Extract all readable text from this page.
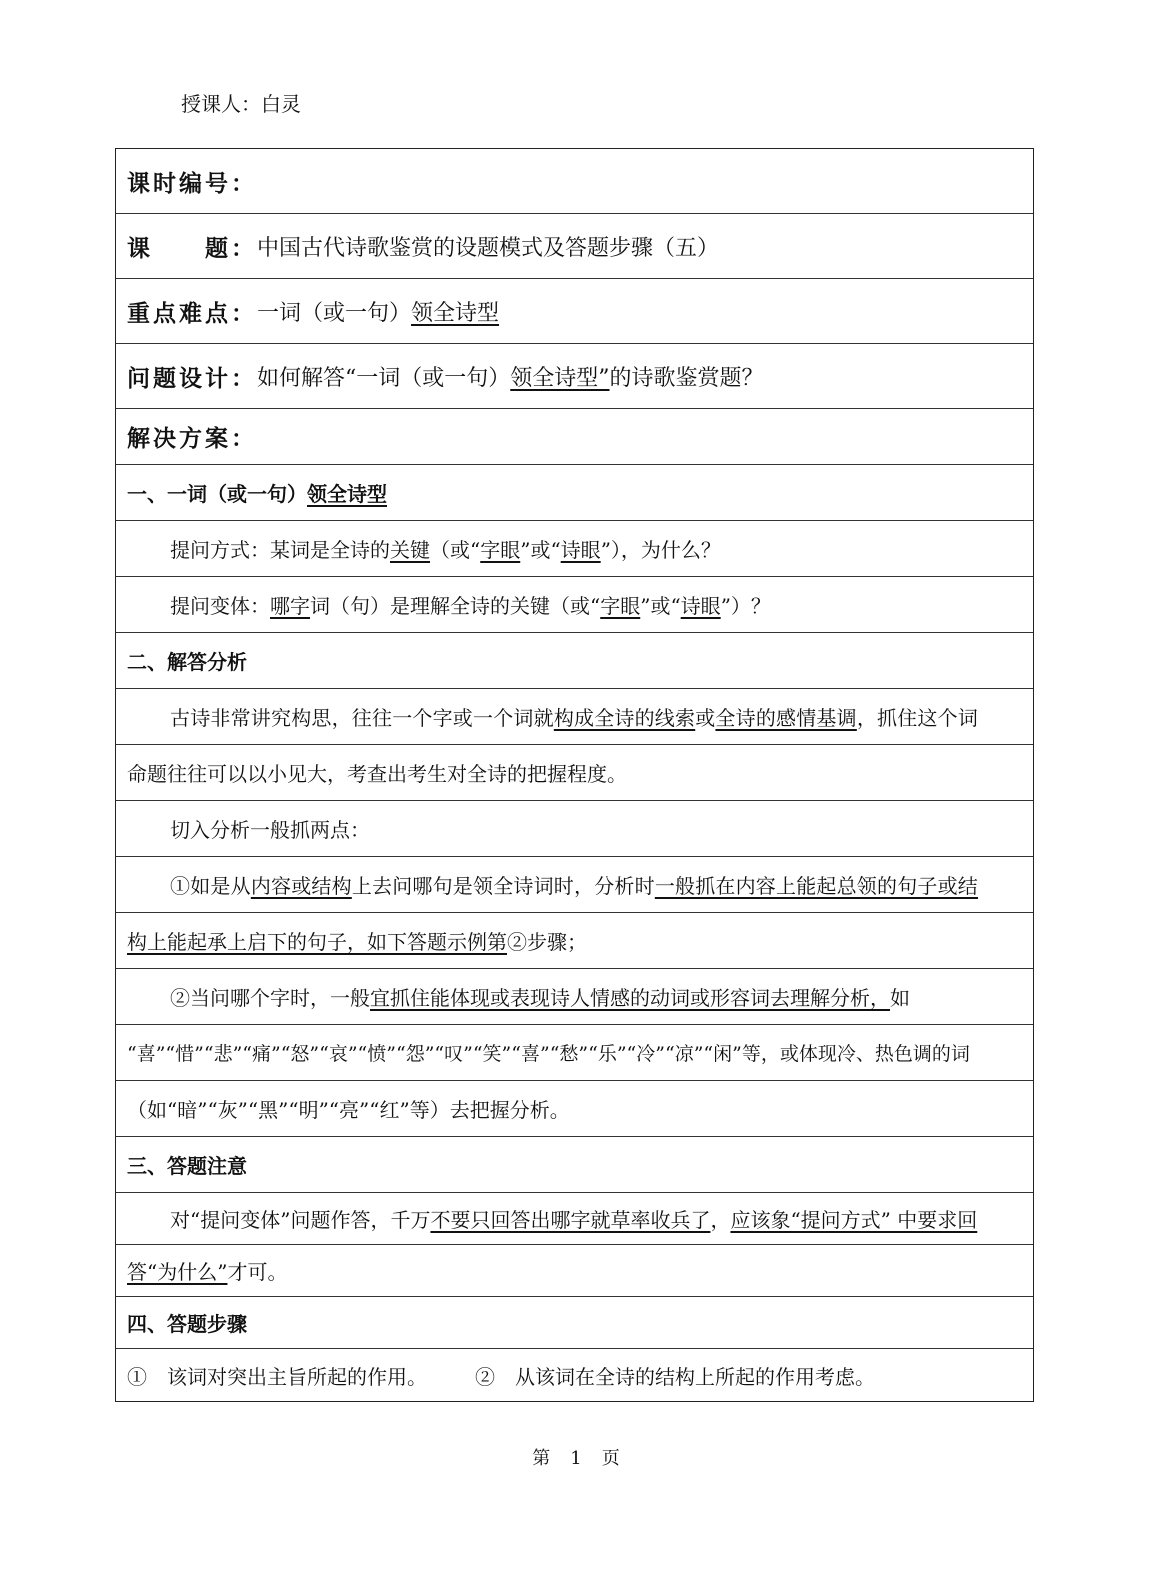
授课人：白灵
课时编号：
课 题： 中国古代诗歌鉴赏的设题模式及答题步骤（五）
重点难点： 一词（或一句） 领全诗型
问题设计： 如何解答“一词（或一句） 领全诗型” 的诗歌鉴赏题？
解决方案：
一、一词（或一句） 领全诗型
提问方式：某词是全诗的 关键 （或“ 字眼 ”或“ 诗眼 ”），为什么？
提问变体： 哪字 词（句）是理解全诗的关键（或“ 字眼 ”或“ 诗眼 ”）？
二、解答分析
古诗非常讲究构思，往往一个字或一个词就 构成全诗的线索 或 全诗的感情基调 ，抓住这个词
命题往往可以以小见大，考查出考生对全诗的把握程度。
切入分析一般抓两点：
①如是从 内容或结构 上去问哪句是领全诗词时，分析时 一般抓在内容上能起总领的句子或结
构上能起承上启下的句子，如下答题示例第 ②步骤；
②当问哪个字时，一般 宜抓住能体现或表现诗人情感的动词或形容词去理解分析， 如
“喜”“惜”“悲”“痛”“怒”“哀”“愤”“怨”“叹”“笑”“喜”“愁”“乐”“冷”“凉”“闲”等，或体现冷、热色调的词
（如“暗”“灰”“黑”“明”“亮”“红”等）去把握分析。
三、答题注意
对“提问变体”问题作答，千万 不要只回答出哪字就草率收兵了 ， 应该象“提问方式” 中要求回
答“为什么” 才可。
四、答题步骤
①　该词对突出主旨所起的作用。 ②　从该词在全诗的结构上所起的作用考虑。
第 1 页
